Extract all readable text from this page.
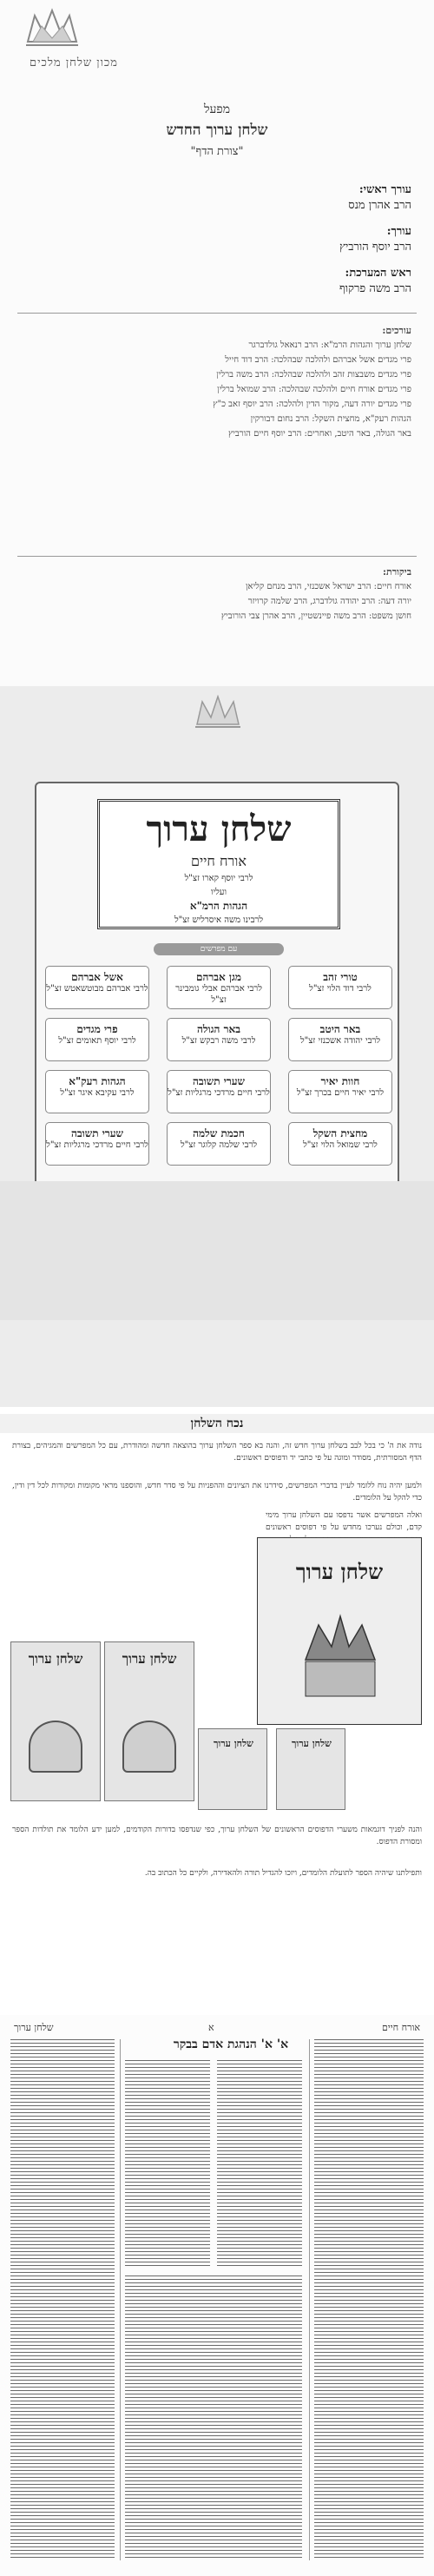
מכון שלחן מלכים
מפעל
שלחן ערוך החדש
"צורת הדף"
עורך ראשי:
הרב אהרן מנס
עורך:
הרב יוסף הורביץ
ראש המערכת:
הרב משה פרקוף
עורכים:
שלחן ערוך והגהות הרמ"א: הרב רנאאל גולדברגר
פרי מגדים אשל אברהם ולהלכה שבהלכה: הרב דוד חייל
פרי מגדים משבצות זהב ולהלכה שבהלכה: הרב משה ברלין
פרי מגדים אורח חיים ולהלכה שבהלכה: הרב שמואל ברלין
פרי מגדים יורה דעה, מקור הדין ולהלכה: הרב יוסף זאב כ"ץ
הגהות רעק"א, מחצית השקל: הרב נחום דבורקין
באר הגולה, באר היטב, ואחרים: הרב יוסף חיים הורביץ
ביקורת:
אורח חיים: הרב ישראל אשכנזי, הרב מנחם קליאן
יורה דעה: הרב יהודה גולדברג, הרב שלמה קרויזר
חושן משפט: הרב משה פיינשטיין, הרב אהרן צבי הורוביץ
שלחן ערוך
אורח חיים
לרבי יוסף קארו זצ"ל
ועליו
הגהות הרמ"א
לרבינו משה איסרליש זצ"ל
עם מפרשים
טורי זהב
לרבי דוד הלוי זצ"ל
מגן אברהם
לרבי אברהם אבלי גומבינר זצ"ל
אשל אברהם
לרבי אברהם מבוטשאטש זצ"ל
באר היטב
לרבי יהודה אשכנזי זצ"ל
באר הגולה
לרבי משה רבקש זצ"ל
פרי מגדים
לרבי יוסף תאומים זצ"ל
חוות יאיר
לרבי יאיר חיים בכרך זצ"ל
שערי תשובה
לרבי חיים מרדכי מרגליות זצ"ל
הגהות רעק"א
לרבי עקיבא איגר זצ"ל
מחצית השקל
לרבי שמואל הלוי זצ"ל
חכמת שלמה
לרבי שלמה קלוגר זצ"ל
שערי תשובה
לרבי חיים מרדכי מרגליות זצ"ל
נכח השלחן
נודה את ה' כי בכל לבב בשלחן ערוך חדש זה, והנה בא ספר השלחן ערוך בהוצאה חדשה ומהודרת, עם כל המפרשים והמגיהים, בצורת הדף המסורתית, מסודר ומוגה על פי כתבי יד ודפוסים ראשונים.
ולמען יהיה נוח ללומד לעיין בדברי המפרשים, סידרנו את הציונים וההפניות על פי סדר חדש, והוספנו מראי מקומות ומקורות לכל דין ודין, כדי להקל על הלומדים.
ואלה המפרשים אשר נדפסו עם השלחן ערוך מימי קדם, וכולם נערכו מחדש על פי דפוסים ראשונים
שלחן ערוך
שלחן ערוך	שלחן ערוך
שלחן ערוך	שלחן ערוך
והנה לפניך דוגמאות משערי הדפוסים הראשונים של השלחן ערוך, כפי שנדפסו בדורות הקודמים, למען ידע הלומד את תולדות הספר ומסורת הדפוס.
ותפילתנו שיהיה הספר לתועלת הלומדים, ויזכו להגדיל תורה ולהאדירה, ולקיים כל הכתוב בה.
שלחן ערוך	א	אורח חיים
א' א' הנהגת אדם בבקר
